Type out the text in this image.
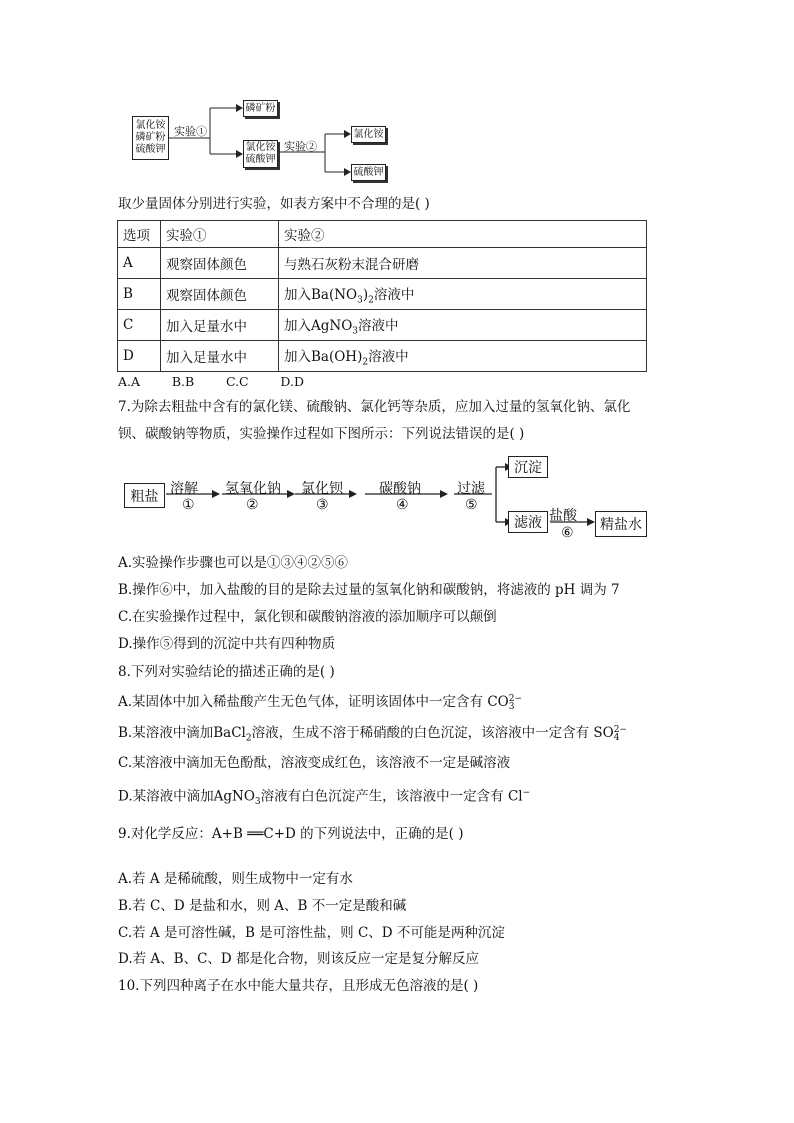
氯化铵
磷矿粉
硫酸钾
实验①
磷矿粉
氯化铵
硫酸钾
实验②
氯化铵
硫酸钾
取少量固体分别进行实验，如表方案中不合理的是( )
选项	实验①	实验②
A	观察固体颜色	与熟石灰粉末混合研磨
B	观察固体颜色	加入$Ba(NO_3)_2$溶液中
C	加入足量水中	加入AgNO$_3$溶液中
D	加入足量水中	加入$Ba(OH)_2$溶液中
A.A        B.B        C.C        D.D
7.为除去粗盐中含有的氯化镁、硫酸钠、氯化钙等杂质，应加入过量的氢氧化钠、氯化
钡、碳酸钠等物质，实验操作过程如下图所示：下列说法错误的是( )
粗盐 溶解
①
氢氧化钠
②
氯化钡
③
碳酸钠
④
过滤
⑤
沉淀
滤液 盐酸
⑥ 精盐水
A.实验操作步骤也可以是①③④②⑤⑥
B.操作⑥中，加入盐酸的目的是除去过量的氢氧化钠和碳酸钠，将滤液的 pH 调为 7
C.在实验操作过程中，氯化钡和碳酸钠溶液的添加顺序可以颠倒
D.操作⑤得到的沉淀中共有四种物质
8.下列对实验结论的描述正确的是( )
A.某固体中加入稀盐酸产生无色气体，证明该固体中一定含有 CO 2−
3
B.某溶液中滴加BaCl$_2$溶液，生成不溶于稀硝酸的白色沉淀，该溶液中一定含有 SO 2−
4
C.某溶液中滴加无色酚酞，溶液变成红色，该溶液不一定是碱溶液
D.某溶液中滴加AgNO$_3$溶液有白色沉淀产生，该溶液中一定含有 Cl−
9.对化学反应：A+B ══C+D 的下列说法中，正确的是( )
A.若 A 是稀硫酸，则生成物中一定有水
B.若 C、D 是盐和水，则 A、B 不一定是酸和碱
C.若 A 是可溶性碱，B 是可溶性盐，则 C、D 不可能是两种沉淀
D.若 A、B、C、D 都是化合物，则该反应一定是复分解反应
10.下列四种离子在水中能大量共存，且形成无色溶液的是( )
